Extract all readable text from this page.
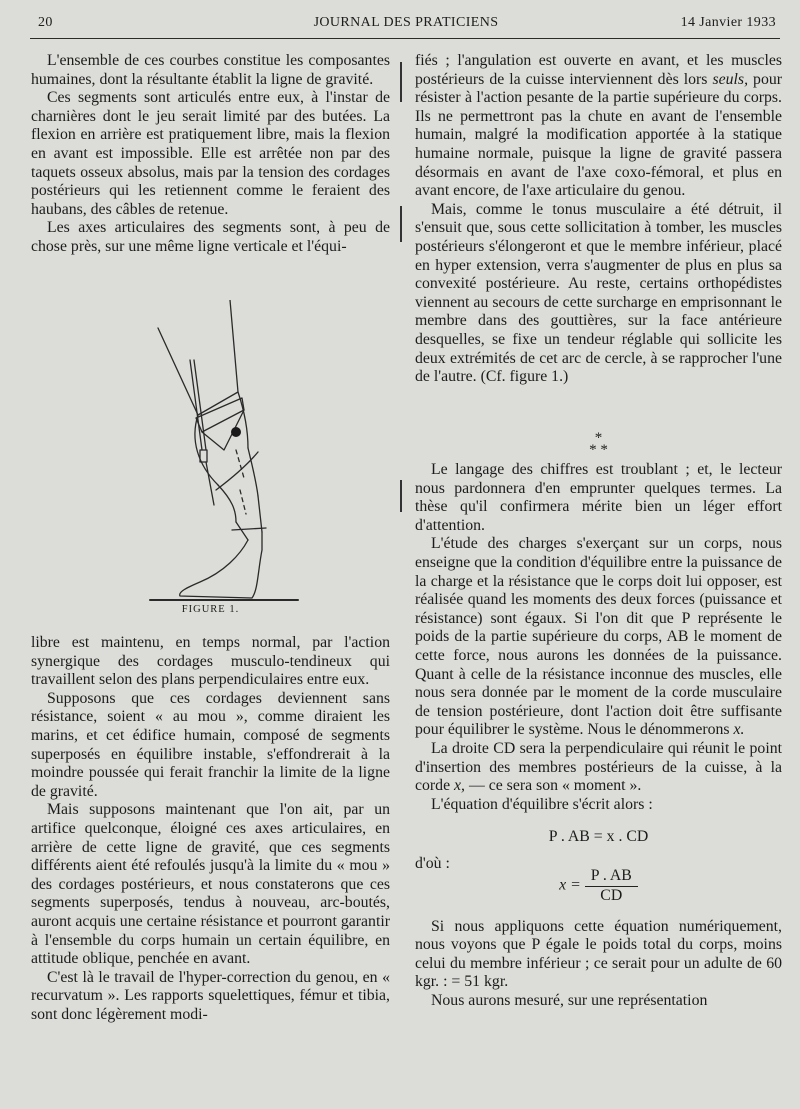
20	JOURNAL DES PRATICIENS	14 Janvier 1933

L'ensemble de ces courbes constitue les composantes humaines, dont la résultante établit la ligne de gravité.

Ces segments sont articulés entre eux, à l'instar de charnières dont le jeu serait limité par des butées. La flexion en arrière est pratiquement libre, mais la flexion en avant est impossible. Elle est arrêtée non par des taquets osseux absolus, mais par la tension des cordages postérieurs qui les retiennent comme le feraient des haubans, des câbles de retenue.

Les axes articulaires des segments sont, à peu de chose près, sur une même ligne verticale et l'équi-

FIGURE 1.

libre est maintenu, en temps normal, par l'action synergique des cordages musculo-tendineux qui travaillent selon des plans perpendiculaires entre eux.

Supposons que ces cordages deviennent sans résistance, soient « au mou », comme diraient les marins, et cet édifice humain, composé de segments superposés en équilibre instable, s'effondrerait à la moindre poussée qui ferait franchir la limite de la ligne de gravité.

Mais supposons maintenant que l'on ait, par un artifice quelconque, éloigné ces axes articulaires, en arrière de cette ligne de gravité, que ces segments différents aient été refoulés jusqu'à la limite du « mou » des cordages postérieurs, et nous constaterons que ces segments superposés, tendus à nouveau, arc-boutés, auront acquis une certaine résistance et pourront garantir à l'ensemble du corps humain un certain équilibre, en attitude oblique, penchée en avant.

C'est là le travail de l'hyper-correction du genou, en « recurvatum ». Les rapports squelettiques, fémur et tibia, sont donc légèrement modi-

fiés ; l'angulation est ouverte en avant, et les muscles postérieurs de la cuisse interviennent dès lors seuls, pour résister à l'action pesante de la partie supérieure du corps. Ils ne permettront pas la chute en avant de l'ensemble humain, malgré la modification apportée à la statique humaine normale, puisque la ligne de gravité passera désormais en avant de l'axe coxo-fémoral, et plus en avant encore, de l'axe articulaire du genou.

Mais, comme le tonus musculaire a été détruit, il s'ensuit que, sous cette sollicitation à tomber, les muscles postérieurs s'élongeront et que le membre inférieur, placé en hyper extension, verra s'augmenter de plus en plus sa convexité postérieure. Au reste, certains orthopédistes viennent au secours de cette surcharge en emprisonnant le membre dans des gouttières, sur la face antérieure desquelles, se fixe un tendeur réglable qui sollicite les deux extrémités de cet arc de cercle, à se rapprocher l'une de l'autre. (Cf. figure 1.)

*
* *

Le langage des chiffres est troublant ; et, le lecteur nous pardonnera d'en emprunter quelques termes. La thèse qu'il confirmera mérite bien un léger effort d'attention.

L'étude des charges s'exerçant sur un corps, nous enseigne que la condition d'équilibre entre la puissance de la charge et la résistance que le corps doit lui opposer, est réalisée quand les moments des deux forces (puissance et résistance) sont égaux. Si l'on dit que P représente le poids de la partie supérieure du corps, AB le moment de cette force, nous aurons les données de la puissance. Quant à celle de la résistance inconnue des muscles, elle nous sera donnée par le moment de la corde musculaire de tension postérieure, dont l'action doit être suffisante pour équilibrer le système. Nous le dénommerons x.

La droite CD sera la perpendiculaire qui réunit le point d'insertion des membres postérieurs de la cuisse, à la corde x, — ce sera son « moment ».

L'équation d'équilibre s'écrit alors :

P . AB = x . CD

d'où :

$x = \frac{P . AB}{CD}$

Si nous appliquons cette équation numériquement, nous voyons que P égale le poids total du corps, moins celui du membre inférieur ; ce serait pour un adulte de 60 kgr. : = 51 kgr.

Nous aurons mesuré, sur une représentation
